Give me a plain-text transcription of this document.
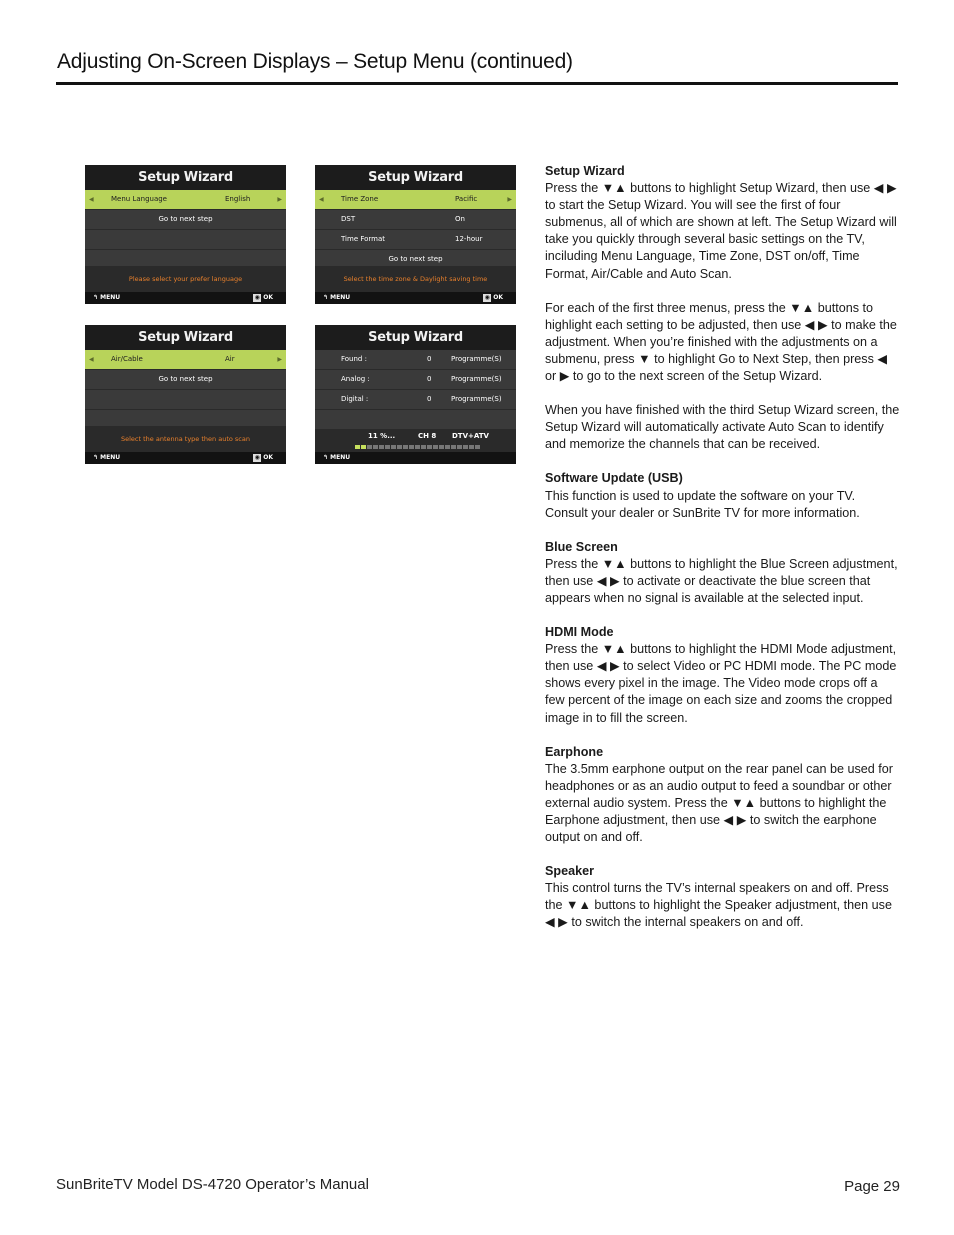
Adjusting On-Screen Displays – Setup Menu (continued)
Setup Wizard
◀ Menu Language	English	▶
Go to next step
Please select your prefer language
↰ MENU	◉ OK
Setup Wizard
◀ Time Zone	Pacific	▶
DST	On
Time Format	12-hour
Go to next step
Select the time zone & Daylight saving time
↰ MENU	◉ OK
Setup Wizard
◀ Air/Cable	Air	▶
Go to next step
Select the antenna type then auto scan
↰ MENU	◉ OK
Setup Wizard
Found :	0	Programme(S)
Analog :	0	Programme(S)
Digital :	0	Programme(S)
11 %...	CH 8 DTV+ATV
↰ MENU
Setup Wizard

Press the ▼▲ buttons to highlight Setup Wizard, then use ◀ ▶ to start the Setup Wizard. You will see the first of four submenus, all of which are shown at left. The Setup Wizard will take you quickly through several basic settings on the TV, inciluding Menu Language, Time Zone, DST on/off, Time Format, Air/Cable and Auto Scan.

For each of the first three menus, press the ▼▲ buttons to highlight each setting to be adjusted, then use ◀ ▶ to make the adjustment. When you’re finished with the adjustments on a submenu, press ▼ to highlight Go to Next Step, then press ◀ or ▶ to go to the next screen of the Setup Wizard.

When you have finished with the third Setup Wizard screen, the Setup Wizard will automatically activate Auto Scan to identify and memorize the channels that can be received.

Software Update (USB)

This function is used to update the software on your TV. Consult your dealer or SunBrite TV for more information.

Blue Screen

Press the ▼▲ buttons to highlight the Blue Screen adjustment, then use ◀ ▶ to activate or deactivate the blue screen that appears when no signal is available at the selected input.

HDMI Mode

Press the ▼▲ buttons to highlight the HDMI Mode adjustment, then use ◀ ▶ to select Video or PC HDMI mode. The PC mode shows every pixel in the image. The Video mode crops off a few percent of the image on each size and zooms the cropped image in to fill the screen.

Earphone

The 3.5mm earphone output on the rear panel can be used for headphones or as an audio output to feed a soundbar or other external audio system. Press the ▼▲ buttons to highlight the Earphone adjustment, then use ◀ ▶ to switch the earphone output on and off.

Speaker

This control turns the TV’s internal speakers on and off. Press the ▼▲ buttons to highlight the Speaker adjustment, then use ◀ ▶ to switch the internal speakers on and off.

SunBriteTV Model DS-4720 Operator’s Manual	Page 29
